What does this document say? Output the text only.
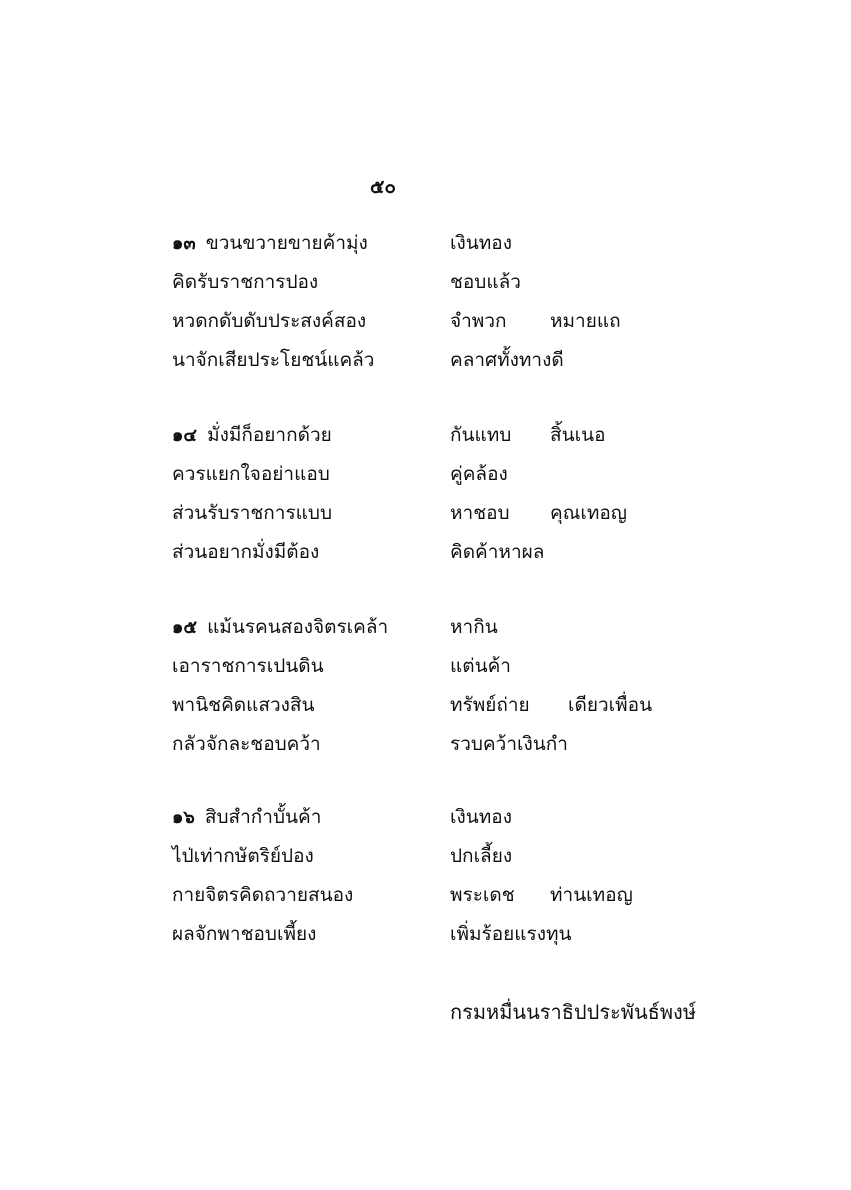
๕๐
๑๓ ขวนขวายขายค้ามุ่ง	เงินทอง
คิดรับราชการปอง	ชอบแล้ว
หวดกดับดับประสงค์สอง	จำพวก หมายแถ
นาจักเสียประโยชน์แคล้ว	คลาศทั้งทางดี
๑๔ มั่งมีก็อยากด้วย	กันแทบ สิ้นเนอ
ควรแยกใจอย่าแอบ	คู่คล้อง
ส่วนรับราชการแบบ	หาชอบ คุณเทอญ
ส่วนอยากมั่งมีต้อง	คิดค้าหาผล
๑๕ แม้นรคนสองจิตรเคล้า	หากิน
เอาราชการเปนดิน	แต่นค้า
พานิชคิดแสวงสิน	ทรัพย์ถ่าย เดียวเพื่อน
กลัวจักละชอบคว้า	รวบคว้าเงินกำ
๑๖ สิบสำกำบั้นค้า	เงินทอง
ไป่เท่ากษัตริย์ปอง	ปกเลี้ยง
กายจิตรคิดถวายสนอง	พระเดช ท่านเทอญ
ผลจักพาชอบเพี้ยง	เพิ่มร้อยแรงทุน
กรมหมื่นนราธิปประพันธ์พงษ์
